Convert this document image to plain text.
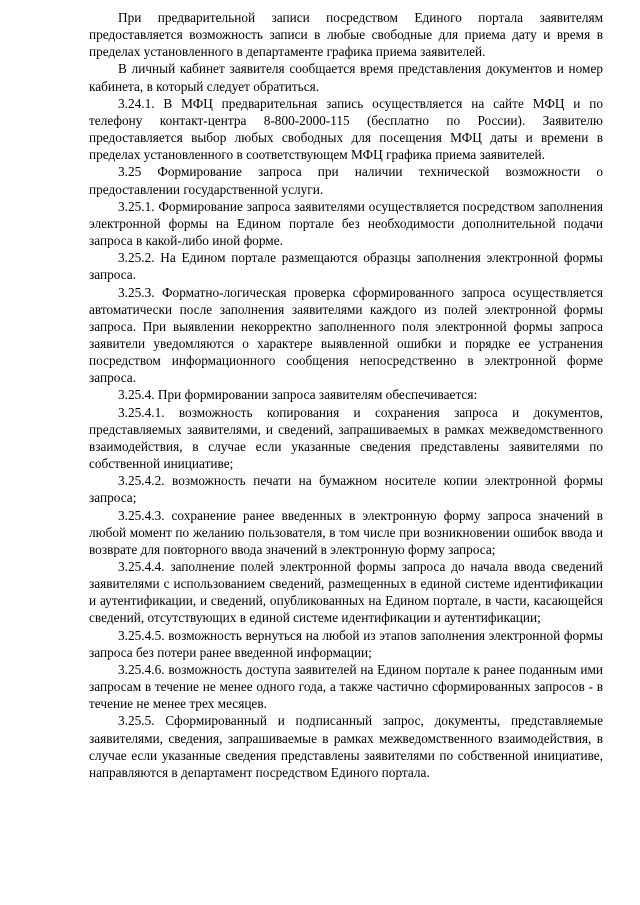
При предварительной записи посредством Единого портала заявителям предоставляется возможность записи в любые свободные для приема дату и время в пределах установленного в департаменте графика приема заявителей.

В личный кабинет заявителя сообщается время представления документов и номер кабинета, в который следует обратиться.

3.24.1. В МФЦ предварительная запись осуществляется на сайте МФЦ и по телефону контакт-центра 8-800-2000-115 (бесплатно по России). Заявителю предоставляется выбор любых свободных для посещения МФЦ даты и времени в пределах установленного в соответствующем МФЦ графика приема заявителей.

3.25 Формирование запроса при наличии технической возможности о предоставлении государственной услуги.

3.25.1. Формирование запроса заявителями осуществляется посредством заполнения электронной формы на Едином портале без необходимости дополнительной подачи запроса в какой-либо иной форме.

3.25.2. На Едином портале размещаются образцы заполнения электронной формы запроса.

3.25.3. Форматно-логическая проверка сформированного запроса осуществляется автоматически после заполнения заявителями каждого из полей электронной формы запроса. При выявлении некорректно заполненного поля электронной формы запроса заявители уведомляются о характере выявленной ошибки и порядке ее устранения посредством информационного сообщения непосредственно в электронной форме запроса.

3.25.4. При формировании запроса заявителям обеспечивается:

3.25.4.1. возможность копирования и сохранения запроса и документов, представляемых заявителями, и сведений, запрашиваемых в рамках межведомственного взаимодействия, в случае если указанные сведения представлены заявителями по собственной инициативе;

3.25.4.2. возможность печати на бумажном носителе копии электронной формы запроса;

3.25.4.3. сохранение ранее введенных в электронную форму запроса значений в любой момент по желанию пользователя, в том числе при возникновении ошибок ввода и возврате для повторного ввода значений в электронную форму запроса;

3.25.4.4. заполнение полей электронной формы запроса до начала ввода сведений заявителями с использованием сведений, размещенных в единой системе идентификации и аутентификации, и сведений, опубликованных на Едином портале, в части, касающейся сведений, отсутствующих в единой системе идентификации и аутентификации;

3.25.4.5. возможность вернуться на любой из этапов заполнения электронной формы запроса без потери ранее введенной информации;

3.25.4.6. возможность доступа заявителей на Едином портале к ранее поданным ими запросам в течение не менее одного года, а также частично сформированных запросов - в течение не менее трех месяцев.

3.25.5. Сформированный и подписанный запрос, документы, представляемые заявителями, сведения, запрашиваемые в рамках межведомственного взаимодействия, в случае если указанные сведения представлены заявителями по собственной инициативе, направляются в департамент посредством Единого портала.
